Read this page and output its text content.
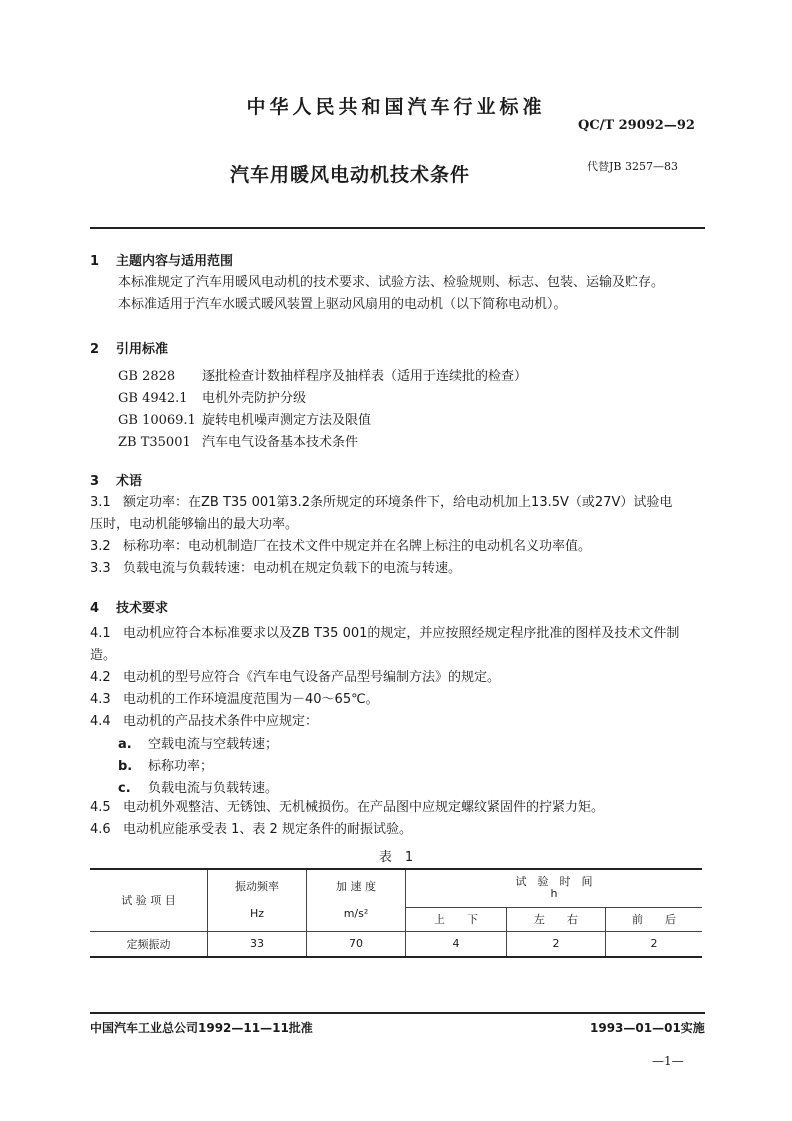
中华人民共和国汽车行业标准
QC/T 29092—92
汽车用暖风电动机技术条件	代替JB 3257—83
1 主题内容与适用范围
本标准规定了汽车用暖风电动机的技术要求、试验方法、检验规则、标志、包装、运输及贮存。
本标准适用于汽车水暖式暖风装置上驱动风扇用的电动机（以下简称电动机）。
2 引用标准
GB 2828 逐批检查计数抽样程序及抽样表（适用于连续批的检查）
GB 4942.1 电机外壳防护分级
GB 10069.1 旋转电机噪声测定方法及限值
ZB T35001 汽车电气设备基本技术条件
3 术语
3.1 额定功率：在ZB T35 001第3.2条所规定的环境条件下，给电动机加上13.5V（或27V）试验电
压时，电动机能够输出的最大功率。
3.2 标称功率：电动机制造厂在技术文件中规定并在名牌上标注的电动机名义功率值。
3.3 负载电流与负载转速：电动机在规定负载下的电流与转速。
4 技术要求
4.1 电动机应符合本标准要求以及ZB T35 001的规定，并应按照经规定程序批准的图样及技术文件制
造。
4.2 电动机的型号应符合《汽车电气设备产品型号编制方法》的规定。
4.3 电动机的工作环境温度范围为－40～65℃。
4.4 电动机的产品技术条件中应规定：
a. 空载电流与空载转速；
b. 标称功率；
c. 负载电流与负载转速。
4.5 电动机外观整洁、无锈蚀、无机械损伤。在产品图中应规定螺纹紧固件的拧紧力矩。
4.6 电动机应能承受表 1、表 2 规定条件的耐振试验。
表　1
试 验 项 目	振动频率	加 速 度	试　验　时　间
h		

	Hz	m/s²	上　　下	左　　右	前　　后
定频振动	33	70	4	2	2
中国汽车工业总公司1992—11—11批准	1993—01—01实施
—1—
